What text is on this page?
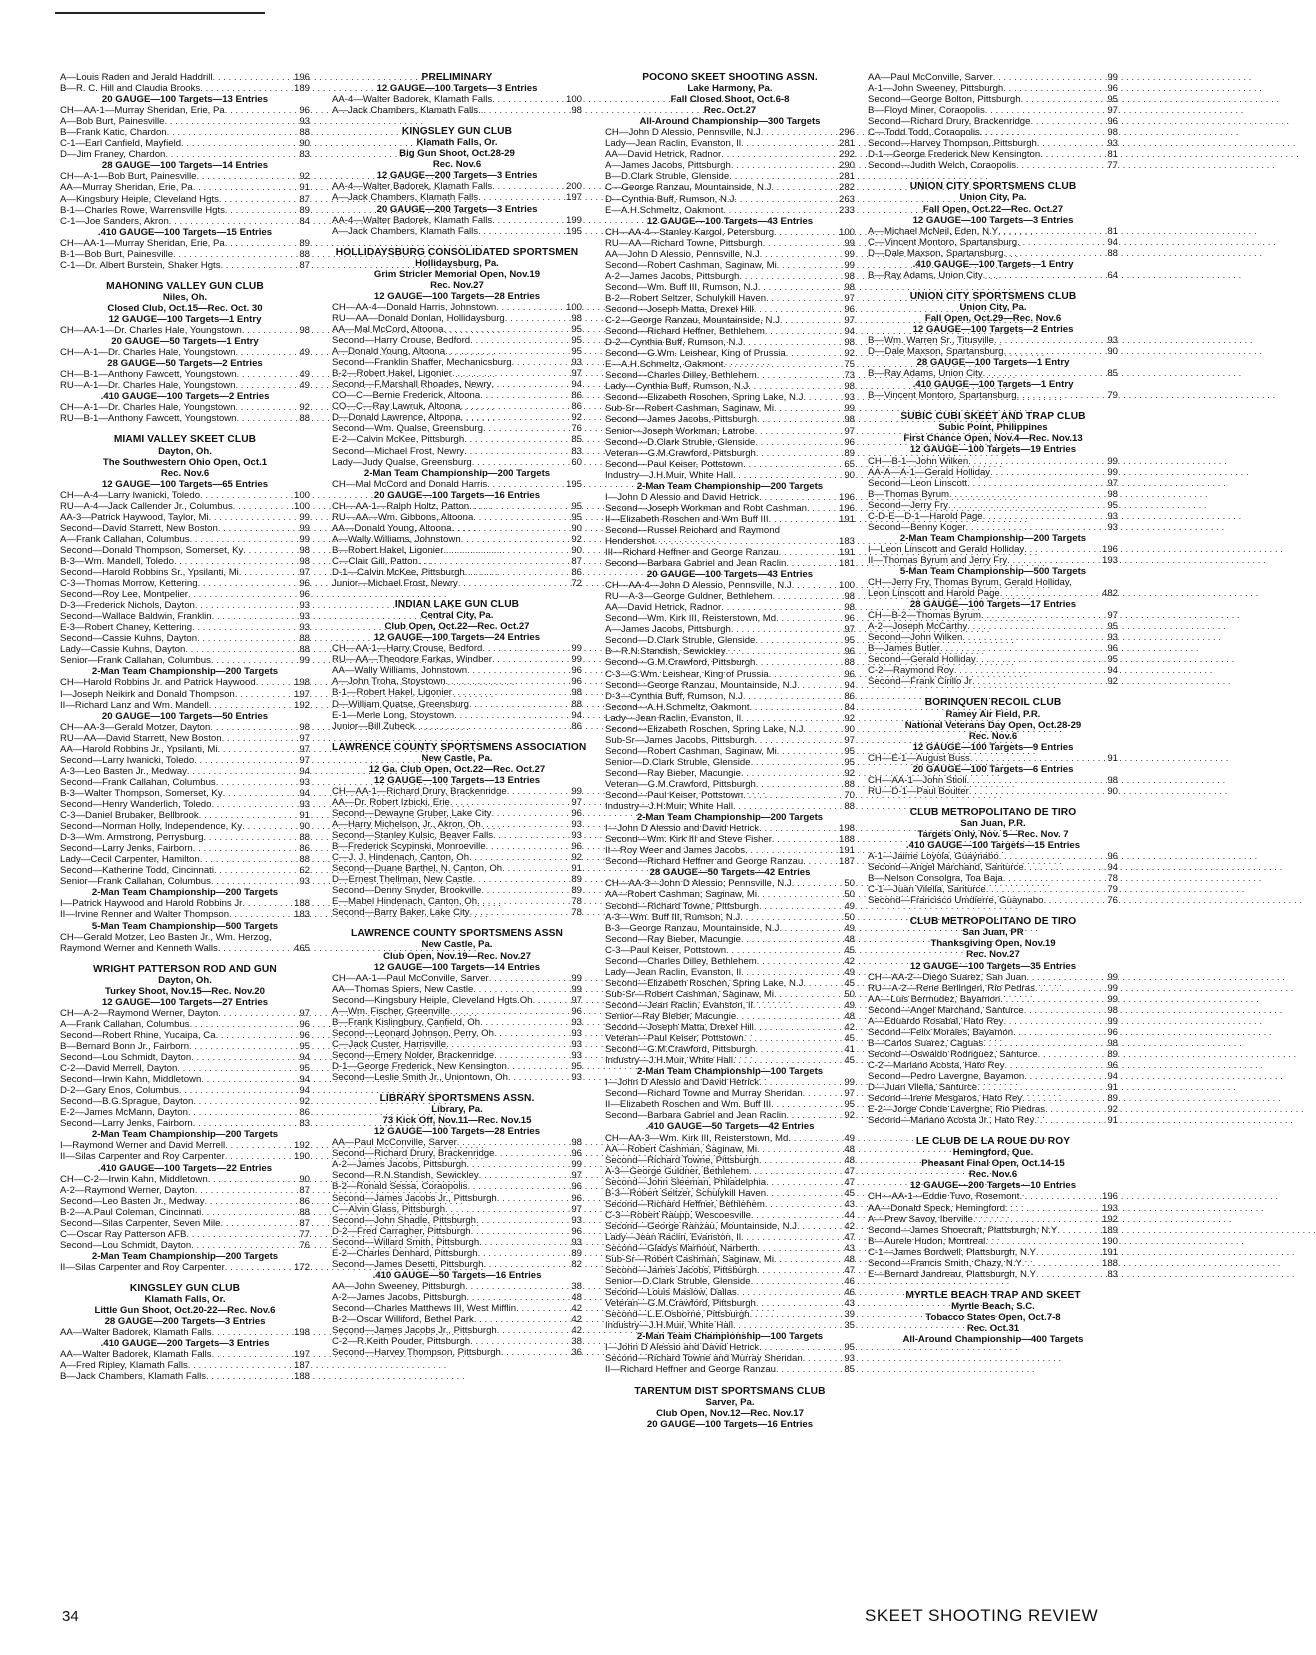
A—Louis Raden and Jerald Haddrill . . .	196
B—R. C. Hill and Claudia Brooks . . .	189
20 GAUGE—100 Targets—13 Entries
CH—AA-1—Murray Sheridan, Erie, Pa . . .	96
A—Bob Burt, Painesville . . .	93
B—Frank Katic, Chardon . . .	88
C-1—Earl Canfield, Mayfield . . .	90
D—Jim Franey, Chardon . . .	83
28 GAUGE—100 Targets—14 Entries
CH—A-1—Bob Burt, Painesville . . .	92
AA—Murray Sheridan, Erie, Pa . . .	91
A—Kingsbury Heiple, Cleveland Hgts . . .	87
B-1—Charles Rowe, Warrensville Hgts . . .	89
C-1—Joe Sanders, Akron . . .	84
.410 GAUGE—100 Targets—15 Entries
CH—AA-1—Murray Sheridan, Erie, Pa . . .	89
B-1—Bob Burt, Painesville . . .	88
C-1—Dr. Albert Burstein, Shaker Hgts . . .	87
MAHONING VALLEY GUN CLUB
Niles, Oh.
Closed Club, Oct.15—Rec. Oct. 30
12 GAUGE—100 Targets—1 Entry
CH—AA-1—Dr. Charles Hale, Youngstown . . .	98
20 GAUGE—50 Targets—1 Entry
CH—A-1—Dr. Charles Hale, Youngstown . . .	49
28 GAUGE—50 Targets—2 Entries
CH—B-1—Anthony Fawcett, Youngstown . . .	49
RU—A-1—Dr. Charles Hale, Youngstown . . .	49
.410 GAUGE—100 Targets—2 Entries
CH—A-1—Dr. Charles Hale, Youngstown . . .	92
RU—B-1—Anthony Fawcett, Youngstown . . .	88
MIAMI VALLEY SKEET CLUB
Dayton, Oh.
The Southwestern Ohio Open, Oct.1
Rec. Nov.6
12 GAUGE—100 Targets—65 Entries
CH—A-4—Larry Iwanicki, Toledo . . .	100
RU—A-4—Jack Callender Jr., Columbus . . .	100
AA-3—Patrick Haywood, Taylor, Mi . . .	99
Second—David Starrett, New Boston . . .	99
A—Frank Callahan, Columbus . . .	99
Second—Donald Thompson, Somerset, Ky . . .	98
B-3—Wm. Mandell, Toledo . . .	98
Second—Harold Robbins Sr., Ypsilanti, Mi . . .	97
C-3—Thomas Morrow, Kettering . . .	96
Second—Roy Lee, Montpelier . . .	96
D-3—Frederick Nichols, Dayton . . .	93
Second—Wallace Baldwin, Franklin . . .	93
E-3—Robert Chaney, Kettering . . .	93
Second—Cassie Kuhns, Dayton . . .	88
Lady—Cassie Kuhns, Dayton . . .	88
Senior—Frank Callahan, Columbus . . .	99
2-Man Team Championship—200 Targets
CH—Harold Robbins Jr. and Patrick Haywood . . .	198
I—Joseph Neikirk and Donald Thompson . . .	197
II—Richard Lanz and Wm. Mandell . . .	192
20 GAUGE—100 Targets—50 Entries
CH—AA-3—Gerald Motzer, Dayton . . .	98
RU—AA—David Starrett, New Boston . . .	97
AA—Harold Robbins Jr., Ypsilanti, Mi . . .	97
Second—Larry Iwanicki, Toledo . . .	97
A-3—Leo Basten Jr., Medway . . .	94
Second—Frank Callahan, Columbus . . .	93
B-3—Walter Thompson, Somerset, Ky . . .	94
Second—Henry Wanderlich, Toledo . . .	93
C-3—Daniel Brubaker, Bellbrook . . .	91
Second—Norman Holly, Independence, Ky . . .	90
D-3—Wm. Armstrong, Perrysburg . . .	88
Second—Larry Jenks, Fairborn . . .	86
Lady—Cecil Carpenter, Hamilton . . .	88
Second—Katherine Todd, Cincinnati . . .	62
Senior—Frank Callahan, Columbus . . .	93
2-Man Team Championship—200 Targets
I—Patrick Haywood and Harold Robbins Jr . . .	188
II—Irvine Renner and Walter Thompson . . .	183
5-Man Team Championship—500 Targets
CH—Gerald Motzer, Leo Basten Jr., Wm. Herzog,
Raymond Werner and Kenneth Walls . . .	465
WRIGHT PATTERSON ROD AND GUN
Dayton, Oh.
Turkey Shoot, Nov.15—Rec. Nov.20
12 GAUGE—100 Targets—27 Entries
CH—A-2—Raymond Werner, Dayton . . .	97
A—Frank Callahan, Columbus . . .	96
Second—Robert Rhine, Yucaipa, Ca . . .	96
B—Bernard Bonn Jr., Fairborn . . .	95
Second—Lou Schmidt, Dayton . . .	94
C-2—David Merrell, Dayton . . .	95
Second—Irwin Kahn, Middletown . . .	94
D-2—Gary Enos, Columbus . . .	94
Second—B.G.Sprague, Dayton . . .	92
E-2—James McMann, Dayton . . .	86
Second—Larry Jenks, Fairborn . . .	83
2-Man Team Championship—200 Targets
I—Raymond Werner and David Merrell . . .	192
II—Silas Carpenter and Roy Carpenter . . .	190
.410 GAUGE—100 Targets—22 Entries
CH—C-2—Irwin Kahn, Middletown . . .	90
A-2—Raymond Werner, Dayton . . .	87
Second—Leo Basten Jr., Medway . . .	86
B-2—A.Paul Coleman, Cincinnati . . .	88
Second—Silas Carpenter, Seven Mile . . .	87
C—Oscar Ray Patterson AFB . . .	77
Second—Lou Schmidt, Dayton . . .	76
2-Man Team Championship—200 Targets
II—Silas Carpenter and Roy Carpenter . . .	172
KINGSLEY GUN CLUB
Klamath Falls, Or.
Little Gun Shoot, Oct.20-22—Rec. Nov.6
28 GAUGE—200 Targets—3 Entries
AA—Walter Badorek, Klamath Falls . . .	198
.410 GAUGE—200 Targets—3 Entries
AA—Walter Badorek, Klamath Falls . . .	197
A—Fred Ripley, Klamath Falls . . .	187
B—Jack Chambers, Klamath Falls . . .	188
PRELIMINARY
12 GAUGE—100 Targets—3 Entries
AA-4—Walter Badorek, Klamath Falls . . .	100
A—Jack Chambers, Klamath Falls . . .	98
KINGSLEY GUN CLUB
Klamath Falls, Or.
Big Gun Shoot, Oct.28-29
Rec. Nov.6
12 GAUGE—200 Targets—3 Entries
AA-4—Walter Badorek, Klamath Falls . . .	200
A—Jack Chambers, Klamath Falls . . .	197
20 GAUGE—200 Targets—3 Entries
AA-4—Walter Badorek, Klamath Falls . . .	199
A—Jack Chambers, Klamath Falls . . .	195
HOLLIDAYSBURG CONSOLIDATED SPORTSMEN
Hollidaysburg, Pa.
Grim Stricler Memorial Open, Nov.19
Rec. Nov.27
12 GAUGE—100 Targets—28 Entries
CH—AA-4—Donald Harris, Johnstown . . .	100
RU—AA—Donald Donlan, Hollidaysburg . . .	98
AA—Mal McCord, Altoona . . .	95
Second—Harry Crouse, Bedford . . .	95
A—Donald Young, Altoona . . .	95
Second—Franklin Shaffer, Mechanicsburg . . .	93
B-2—Robert Hakel, Ligonier . . .	97
Second—F.Marshall Rhoades, Newry . . .	94
CO—C—Bernie Frederick, Altoona . . .	86
CO—C—Ray Lawruk, Altoona . . .	86
D—Donald Lawrence, Altoona . . .	92
Second—Wm. Qualse, Greensburg . . .	76
E-2—Calvin McKee, Pittsburgh . . .	85
Second—Michael Frost, Newry . . .	83
Lady—Judy Qualse, Greensburg . . .	60
2-Man Team Championship—200 Targets
CH—Mal McCord and Donald Harris . . .	195
20 GAUGE—100 Targets—16 Entries
CH—AA-1—Ralph Holtz, Patton . . .	95
RU—AA—Wm. Gibbons, Altoona . . .	95
AA—Donald Young, Altoona . . .	90
A—Wally Williams, Johnstown . . .	92
B—Robert Hakel, Ligonier . . .	90
C—Clair Gill, Patton . . .	87
D-1—Calvin McKee, Pittsburgh . . .	86
Junior—Michael Frost, Newry . . .	72
INDIAN LAKE GUN CLUB
Central City, Pa.
Club Open, Oct.22—Rec. Oct.27
12 GAUGE—100 Targets—24 Entries
CH—AA-1—Harry Crouse, Bedford . . .	99
RU—AA—Theodore Farkas, Windber . . .	99
AA—Wally Williams, Johnstown . . .	96
A—John Troha, Stoystown . . .	96
B-1—Robert Hakel, Ligonier . . .	98
D—William Quatse, Greensburg . . .	88
E-1—Merle Long, Stoystown . . .	94
Junior—Bill Zubeck . . .	86
LAWRENCE COUNTY SPORTSMENS ASSOCIATION
New Castle, Pa.
12 Ga. Club Open, Oct.22—Rec. Oct.27
12 GAUGE—100 Targets—13 Entries
CH—AA-1—Richard Drury, Brackenridge . . .	99
AA—Dr. Robert Izbicki, Erie . . .	97
Second—Dewayne Gruber, Lake City . . .	96
A—Harry Michelson, Jr., Akron, Oh . . .	93
Second—Stanley Kulsic, Beaver Falls . . .	93
B—Frederick Scypinski, Monroeville . . .	96
C—J. J. Hindenach, Canton, Oh . . .	92
Second—Duane Barthel, N. Canton, Oh . . .	91
D—Ernest Thellman, New Castle . . .	89
Second—Denny Snyder, Brookville . . .	89
E—Mabel Hindenach, Canton, Oh . . .	78
Second—Barry Baker, Lake City . . .	78
LAWRENCE COUNTY SPORTSMENS ASSN
New Castle, Pa.
Club Open, Nov.19—Rec. Nov.27
12 GAUGE—100 Targets—14 Entries
CH—AA-1—Paul McConville, Sarver . . .	99
AA—Thomas Spiers, New Castle . . .	99
Second—Kingsbury Heiple, Cleveland Hgts.Oh . . .	97
A—Wm. Fischer, Greenville . . .	96
B—Frank Kislingbury, Canfield, Oh . . .	93
Second—Leonard Johnson, Perry, Oh . . .	93
C—Jack Custer, Harrisville . . .	93
Second—Emery Nolder, Brackenridge . . .	93
D-1—George Frederick, New Kensington . . .	95
Second—Leslie Smith Jr., Uniontown, Oh . . .	93
LIBRARY SPORTSMENS ASSN.
Library, Pa.
73 Kick Off, Nov.11—Rec. Nov.15
12 GAUGE—100 Targets—28 Entries
AA—Paul McConville, Sarver . . .	98
Second—Richard Drury, Brackenridge . . .	96
A-2—James Jacobs, Pittsburgh . . .	99
Second—R.N.Standish, Sewickley . . .	97
B-2—Ronald Sessa, Coraopolis . . .	96
Second—James Jacobs Jr., Pittsburgh . . .	96
C—Alvin Glass, Pittsburgh . . .	97
Second—John Shadle, Pittsburgh . . .	93
D-2—Fred Carragher, Pittsburgh . . .	96
Second—Willard Smith, Pittsburgh . . .	93
E-2—Charles Denhard, Pittsburgh . . .	89
Second—James Desetti, Pittsburgh . . .	82
.410 GAUGE—50 Targets—16 Entries
AA—John Sweeney, Pittsburgh . . .	38
A-2—James Jacobs, Pittsburgh . . .	48
Second—Charles Matthews III, West Mifflin . . .	42
B-2—Oscar Williford, Bethel Park . . .	42
Second—James Jacobs Jr., Pittsburgh . . .	42
C-2—R.Keith Pouder, Pittsburgh . . .	38
Second—Harvey Thompson, Pittsburgh . . .	36
POCONO SKEET SHOOTING ASSN.
Lake Harmony, Pa.
Fall Closed Shoot, Oct.6-8
Rec. Oct.27
All-Around Championship—300 Targets
CH—John D Alessio, Pennsville, N.J . . .	296
Lady—Jean Raclin, Evanston, Il . . .	281
AA—David Hetrick, Radnor . . .	292
A—James Jacobs, Pittsburgh . . .	290
B—D.Clark Struble, Glenside . . .	281
C—George Ranzau, Mountainside, N.J . . .	282
D—Cynthia Buff, Rumson, N.J . . .	263
E—A.H.Schmeltz, Oakmont . . .	233
12 GAUGE—100 Targets—43 Entries
CH—AA-4—Stanley Kargol, Petersburg . . .	100
RU—AA—Richard Towne, Pittsburgh . . .	99
AA—John D Alessio, Pennsville, N.J . . .	99
Second—Robert Cashman, Saginaw, Mi . . .	99
A-2—James Jacobs, Pittsburgh . . .	98
Second—Wm. Buff III, Rumson, N.J . . .	98
B-2—Robert Seltzer, Schulykill Haven . . .	97
Second—Joseph Matta, Drexel Hill . . .	96
C-2—George Ranzau, Mountainside, N.J . . .	97
Second—Richard Heffner, Bethlehem . . .	94
D-2—Cynthia Buff, Rumson, N.J . . .	98
Second—G.Wm. Leishear, King of Prussia . . .	92
E—A.H.Schmeltz, Oakmont . . .	75
Second—Charles Dilley, Bethlehem . . .	73
Lady—Cynthia Buff, Rumson, N.J . . .	98
Second—Elizabeth Roschen, Spring Lake, N.J . . .	93
Sub-Sr—Robert Cashman, Saginaw, Mi . . .	99
Second—James Jacobs, Pittsburgh . . .	98
Senior—Joseph Workman, Latrobe . . .	97
Second—D.Clark Struble, Glenside . . .	96
Veteran—G.M.Crawford, Pittsburgh . . .	89
Second—Paul Keiser, Pottstown . . .	65
Industry—J.H.Muir, White Hall . . .	90
2-Man Team Championship—200 Targets
I—John D Alessio and David Hetrick . . .	196
Second—Joseph Workman and Robt Cashman . . .	196
II—Elizabeth Roschen and Wm Buff III . . .	191
Second—Russel Reichard and Raymond
Hendershot . . .	183
III—Richard Heffner and George Ranzau . . .	191
Second—Barbara Gabriel and Jean Raclin . . .	181
20 GAUGE—100 Targets—43 Entries
CH—AA-4—John D Alessio, Pennsville, N.J . . .	100
RU—A-3—George Guldner, Bethlehem . . .	98
AA—David Hetrick, Radnor . . .	98
Second—Wm. Kirk III, Reisterstown, Md . . .	96
A—James Jacobs, Pittsburgh . . .	97
Second—D.Clark Struble, Glenside . . .	95
B—R.N.Standish, Sewickley . . .	96
Second—G.M.Crawford, Pittsburgh . . .	88
C-3—G.Wm. Leishear, King of Prussia . . .	96
Second—George Ranzau, Mountainside, N.J . . .	94
D-3—Cynthia Buff, Rumson, N.J . . .	86
Second—A.H.Schmeltz, Oakmont . . .	84
Lady—Jean Raclin, Evanston, Il . . .	92
Second—Elizabeth Roschen, Spring Lake, N.J . . .	90
Sub-Sr—James Jacobs, Pittsburgh . . .	97
Second—Robert Cashman, Saginaw, Mi . . .	95
Senior—D.Clark Struble, Glenside . . .	95
Second—Ray Bieber, Macungie . . .	92
Veteran—G.M.Crawford, Pittsburgh . . .	88
Second—Paul Keiser, Pottstown . . .	70
Industry—J.H.Muir, White Hall . . .	88
2-Man Team Championship—200 Targets
I—John D Alessio and David Hetrick . . .	198
Second—Wm. Kirk III and Steve Fisher . . .	188
II—Roy Weer and James Jacobs . . .	191
Second—Richard Heffner and George Ranzau . . .	187
28 GAUGE—50 Targets—42 Entries
CH—AA-3—John D Alessio, Pennsville, N.J . . .	50
AA—Robert Cashman, Saginaw, Mi . . .	50
Second—Richard Towne, Pittsburgh . . .	49
A-3—Wm. Buff III, Rumson, N.J . . .	50
B-3—George Ranzau, Mountainside, N.J . . .	49
Second—Ray Bieber, Macungie . . .	48
C-3—Paul Keiser, Pottstown . . .	45
Second—Charles Dilley, Bethlehem . . .	42
Lady—Jean Raclin, Evanston, Il . . .	49
Second—Elizabeth Roschen, Spring Lake, N.J . . .	45
Sub-Sr—Robert Cashman, Saginaw, Mi . . .	50
Second—Jean Raclin, Evanston, Il . . .	49
Senior—Ray Bieber, Macungie . . .	48
Second—Joseph Matta, Drexel Hill . . .	42
Veteran—Paul Keiser, Pottstown . . .	45
Second—G.M.Crawford, Pittsburgh . . .	41
Industry—J.H.Muir, White Hall . . .	45
2-Man Team Championship—100 Targets
I—John D Alessio and David Hetrick . . .	99
Second—Richard Towne and Murray Sheridan . . .	97
II—Elizabeth Roschen and Wm. Buff III . . .	95
Second—Barbara Gabriel and Jean Raclin . . .	92
.410 GAUGE—50 Targets—42 Entries
CH—AA-3—Wm. Kirk III, Reisterstown, Md . . .	49
AA—Robert Cashman, Saginaw, Mi . . .	48
Second—Richard Towne, Pittsburgh . . .	48
A-3—George Guldner, Bethlehem . . .	47
Second—John Sleeman, Philadelphia . . .	47
B-3—Robert Seltzer, Schulykill Haven . . .	45
Second—Richard Heffner, Bethlehem . . .	43
C-3—Robert Raupp, Wescoesville . . .	44
Second—George Ranzau, Mountainside, N.J . . .	42
Lady—Jean Raclin, Evanston, Il . . .	47
Second—Gladys Marhout, Narberth . . .	43
Sub-Sr—Robert Cashman, Saginaw, Mi . . .	48
Second—James Jacobs, Pittsburgh . . .	47
Senior—D.Clark Struble, Glenside . . .	46
Second—Louis Maslow, Dallas . . .	46
Veteran—G.M.Crawford, Pittsburgh . . .	43
Second—L.E.Osborne, Pittsburgh . . .	39
Industry—J.H.Muir, White Hall . . .	35
2-Man Team Championship—100 Targets
I—John D Alessio and David Hetrick . . .	95
Second—Richard Towne and Murray Sheridan . . .	93
II—Richard Heffner and George Ranzau . . .	85
TARENTUM DIST SPORTSMANS CLUB
Sarver, Pa.
Club Open, Nov.12—Rec. Nov.17
20 GAUGE—100 Targets—16 Entries
AA—Paul McConville, Sarver . . .	99
A-1—John Sweeney, Pittsburgh . . .	96
Second—George Bolton, Pittsburgh . . .	95
B—Floyd Miner, Coraopolis . . .	97
Second—Richard Drury, Brackenridge . . .	96
C—Todd Todd, Coraopolis . . .	98
Second—Harvey Thompson, Pittsburgh . . .	93
D-1—George Frederick New Kensington . . .	81
Second—Judith Welch, Coraopolis . . .	77
UNION CITY SPORTSMENS CLUB
Union City, Pa.
Fall Open, Oct.22—Rec. Oct.27
12 GAUGE—100 Targets—3 Entries
A—Michael McNeil, Eden, N.Y . . .	81
C—Vincent Montoro, Spartansburg . . .	94
D—Dale Maxson, Spartansburg . . .	88
.410 GAUGE—100 Targets—1 Entry
B—Ray Adams, Union City . . .	64
UNION CITY SPORTSMENS CLUB
Union City, Pa.
Fall Open, Oct.29—Rec. Nov.6
12 GAUGE—100 Targets—2 Entries
B—Wm. Warren Sr., Titusville . . .	93
D—Dale Maxson, Spartansburg . . .	90
28 GAUGE—100 Targets—1 Entry
B—Ray Adams, Union City . . .	85
.410 GAUGE—100 Targets—1 Entry
B—Vincent Montoro, Spartansburg . . .	79
SUBIC CUBI SKEET AND TRAP CLUB
Subic Point, Philippines
First Chance Open, Nov.4—Rec. Nov.13
12 GAUGE—100 Targets—19 Entries
CH—B-1—John Wilken . . .	99
AA-A—A-1—Gerald Holliday . . .	99
Second—Leon Linscott . . .	97
B—Thomas Byrum . . .	98
Second—Jerry Fry . . .	95
C-D-E—D-1—Harold Page . . .	93
Second—Benny Koger . . .	93
2-Man Team Championship—200 Targets
I—Leon Linscott and Gerald Holliday . . .	196
II—Thomas Byrum and Jerry Fry . . .	193
5-Man Team Championship—500 Targets
CH—Jerry Fry, Thomas Byrum, Gerald Holliday,
Leon Linscott and Harold Page . . .	482
28 GAUGE—100 Targets—17 Entries
CH—B-2—Thomas Byrum . . .	97
A-2—Joseph McCarthy . . .	95
Second—John Wilken . . .	93
B—James Butler . . .	96
Second—Gerald Holliday . . .	95
C-2—Raymond Roy . . .	94
Second—Frank Cirillo Jr . . .	92
BORINQUEN RECOIL CLUB
Ramey Air Field, P.R.
National Veterans Day Open, Oct.28-29
Rec. Nov.6
12 GAUGE—100 Targets—9 Entries
CH—E-1—August Buss . . .	91
20 GAUGE—100 Targets—6 Entries
CH—AA-1—John Stioli . . .	98
RU—D-1—Paul Boulter . . .	90
CLUB METROPOLITANO DE TIRO
San Juan, P.R.
Targets Only, Nov. 5—Rec. Nov. 7
.410 GAUGE—100 Targets—15 Entries
A-1—Jaime Loyola, Guaynabo . . .	96
Second—Angel Marchand, Santurce . . .	94
B—Nelson Consolgra, Toa Baja . . .	78
C-1—Juan Vilella, Santurce . . .	79
Second—Francisco Umdierre, Guaynabo . . .	76
CLUB METROPOLITANO DE TIRO
San Juan, PR
Thanksgiving Open, Nov.19
Rec. Nov.27
12 GAUGE—100 Targets—35 Entries
CH—AA-2—Diego Suarez, San Juan . . .	99
RU—A-2—Rene Berlingeri, Rio Pedras . . .	99
AA—Luis Bermudez, Bayamon . . .	99
Second—Angel Marchand, Santurce . . .	98
A—Eduardo Rosabal, Hato Rey . . .	99
Second—Felix Morales, Bayamon . . .	96
B—Carlos Suarez, Caguas . . .	98
Second—Oswaldo Rodriguez, Santurce . . .	89
C-2—Mariano Acosta, Hato Rey . . .	96
Second—Pedro Lavergne, Bayamon . . .	94
D—Juan Vilella, Santurce . . .	91
Second—Irene Mesgaros, Hato Rey . . .	89
E-2—Jorge Conde Lavergne, Rio Piedras . . .	92
Second—Mariano Acosta Jr., Hato Rey . . .	91
LE CLUB DE LA ROUE DU ROY
Hemingford, Que.
Pheasant Final Open, Oct.14-15
Rec. Nov.6
12 GAUGE—200 Targets—10 Entries
CH—AA-1—Eddie Tuvo, Rosemont . . .	196
AA—Donald Speck, Hemingford . . .	193
A—Prew Savoy, Iberville . . .	192
Second—James Shoecraft, Plattsburgh, N.Y . . .	189
B—Aurele Hudon, Montreal . . .	190
C-1—James Bordwell, Plattsburgh, N.Y . . .	191
Second—Francis Smith, Chazy, N.Y . . .	188
E—Bernard Jandreau, Plattsburgh, N.Y . . .	83
MYRTLE BEACH TRAP AND SKEET
Myrtle Beach, S.C.
Tobacco States Open, Oct.7-8
Rec. Oct.31
All-Around Championship—400 Targets
34	SKEET SHOOTING REVIEW
